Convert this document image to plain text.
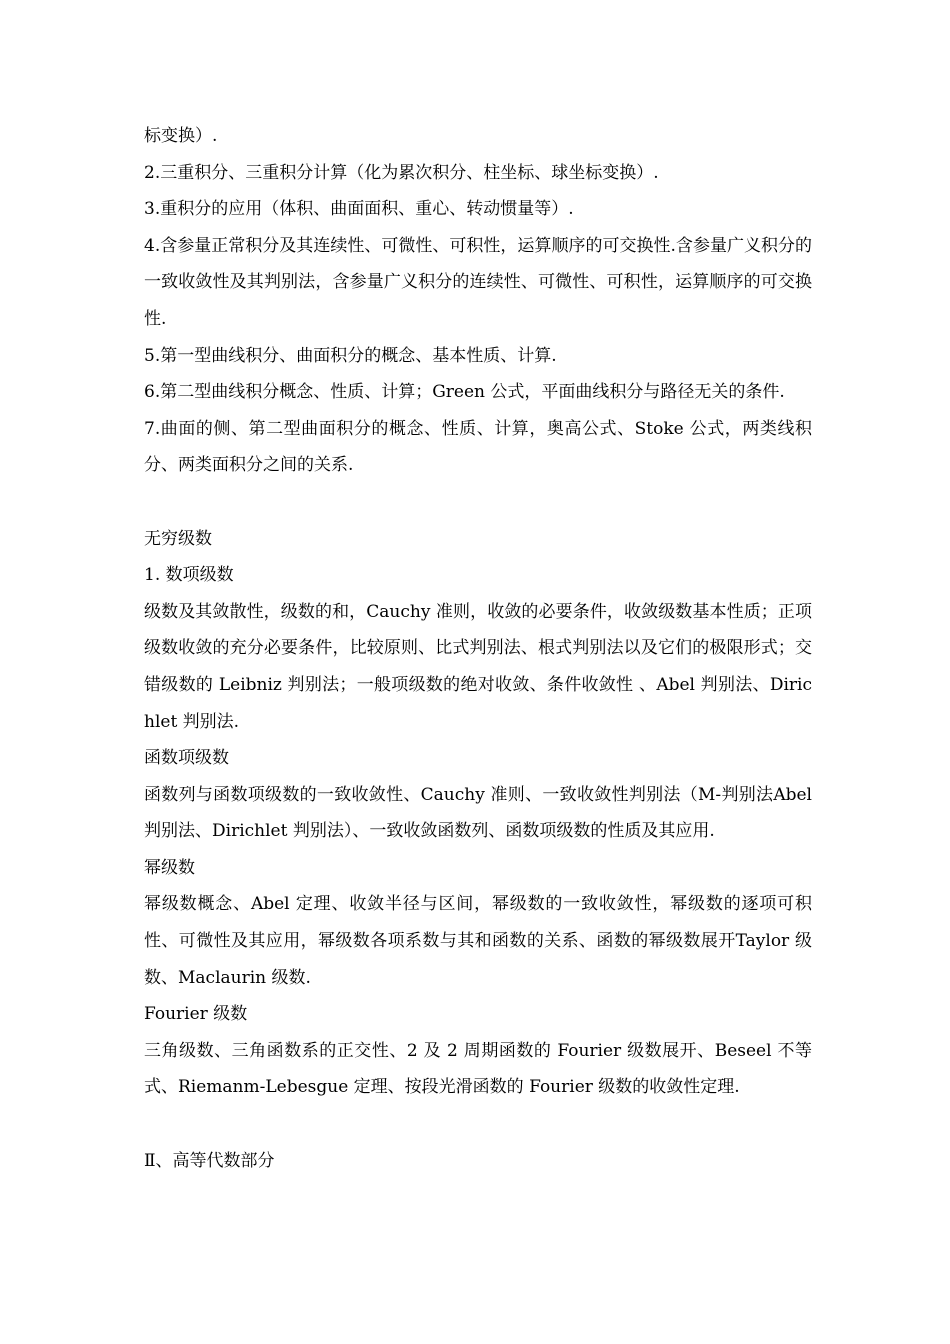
标变换）.

2.三重积分、三重积分计算（化为累次积分、柱坐标、球坐标变换）.

3.重积分的应用（体积、曲面面积、重心、转动惯量等）.

4.含参量正常积分及其连续性、可微性、可积性，运算顺序的可交换性.含参量广义积分的一致收敛性及其判别法，含参量广义积分的连续性、可微性、可积性，运算顺序的可交换性.

5.第一型曲线积分、曲面积分的概念、基本性质、计算.

6.第二型曲线积分概念、性质、计算；Green 公式，平面曲线积分与路径无关的条件.

7.曲面的侧、第二型曲面积分的概念、性质、计算，奥高公式、Stoke 公式，两类线积分、两类面积分之间的关系.

无穷级数

1. 数项级数

级数及其敛散性，级数的和，Cauchy 准则，收敛的必要条件，收敛级数基本性质；正项级数收敛的充分必要条件，比较原则、比式判别法、根式判别法以及它们的极限形式；交错级数的 Leibniz 判别法；一般项级数的绝对收敛、条件收敛性 、Abel 判别法、Dirichlet 判别法.

函数项级数

函数列与函数项级数的一致收敛性、Cauchy 准则、一致收敛性判别法（M-判别法Abel 判别法、Dirichlet 判别法）、一致收敛函数列、函数项级数的性质及其应用.

幂级数

幂级数概念、Abel 定理、收敛半径与区间，幂级数的一致收敛性，幂级数的逐项可积性、可微性及其应用，幂级数各项系数与其和函数的关系、函数的幂级数展开Taylor 级数、Maclaurin 级数.

Fourier 级数

三角级数、三角函数系的正交性、2 及 2 周期函数的 Fourier 级数展开、Beseel 不等式、Riemanm-Lebesgue 定理、按段光滑函数的 Fourier 级数的收敛性定理.

Ⅱ、高等代数部分
